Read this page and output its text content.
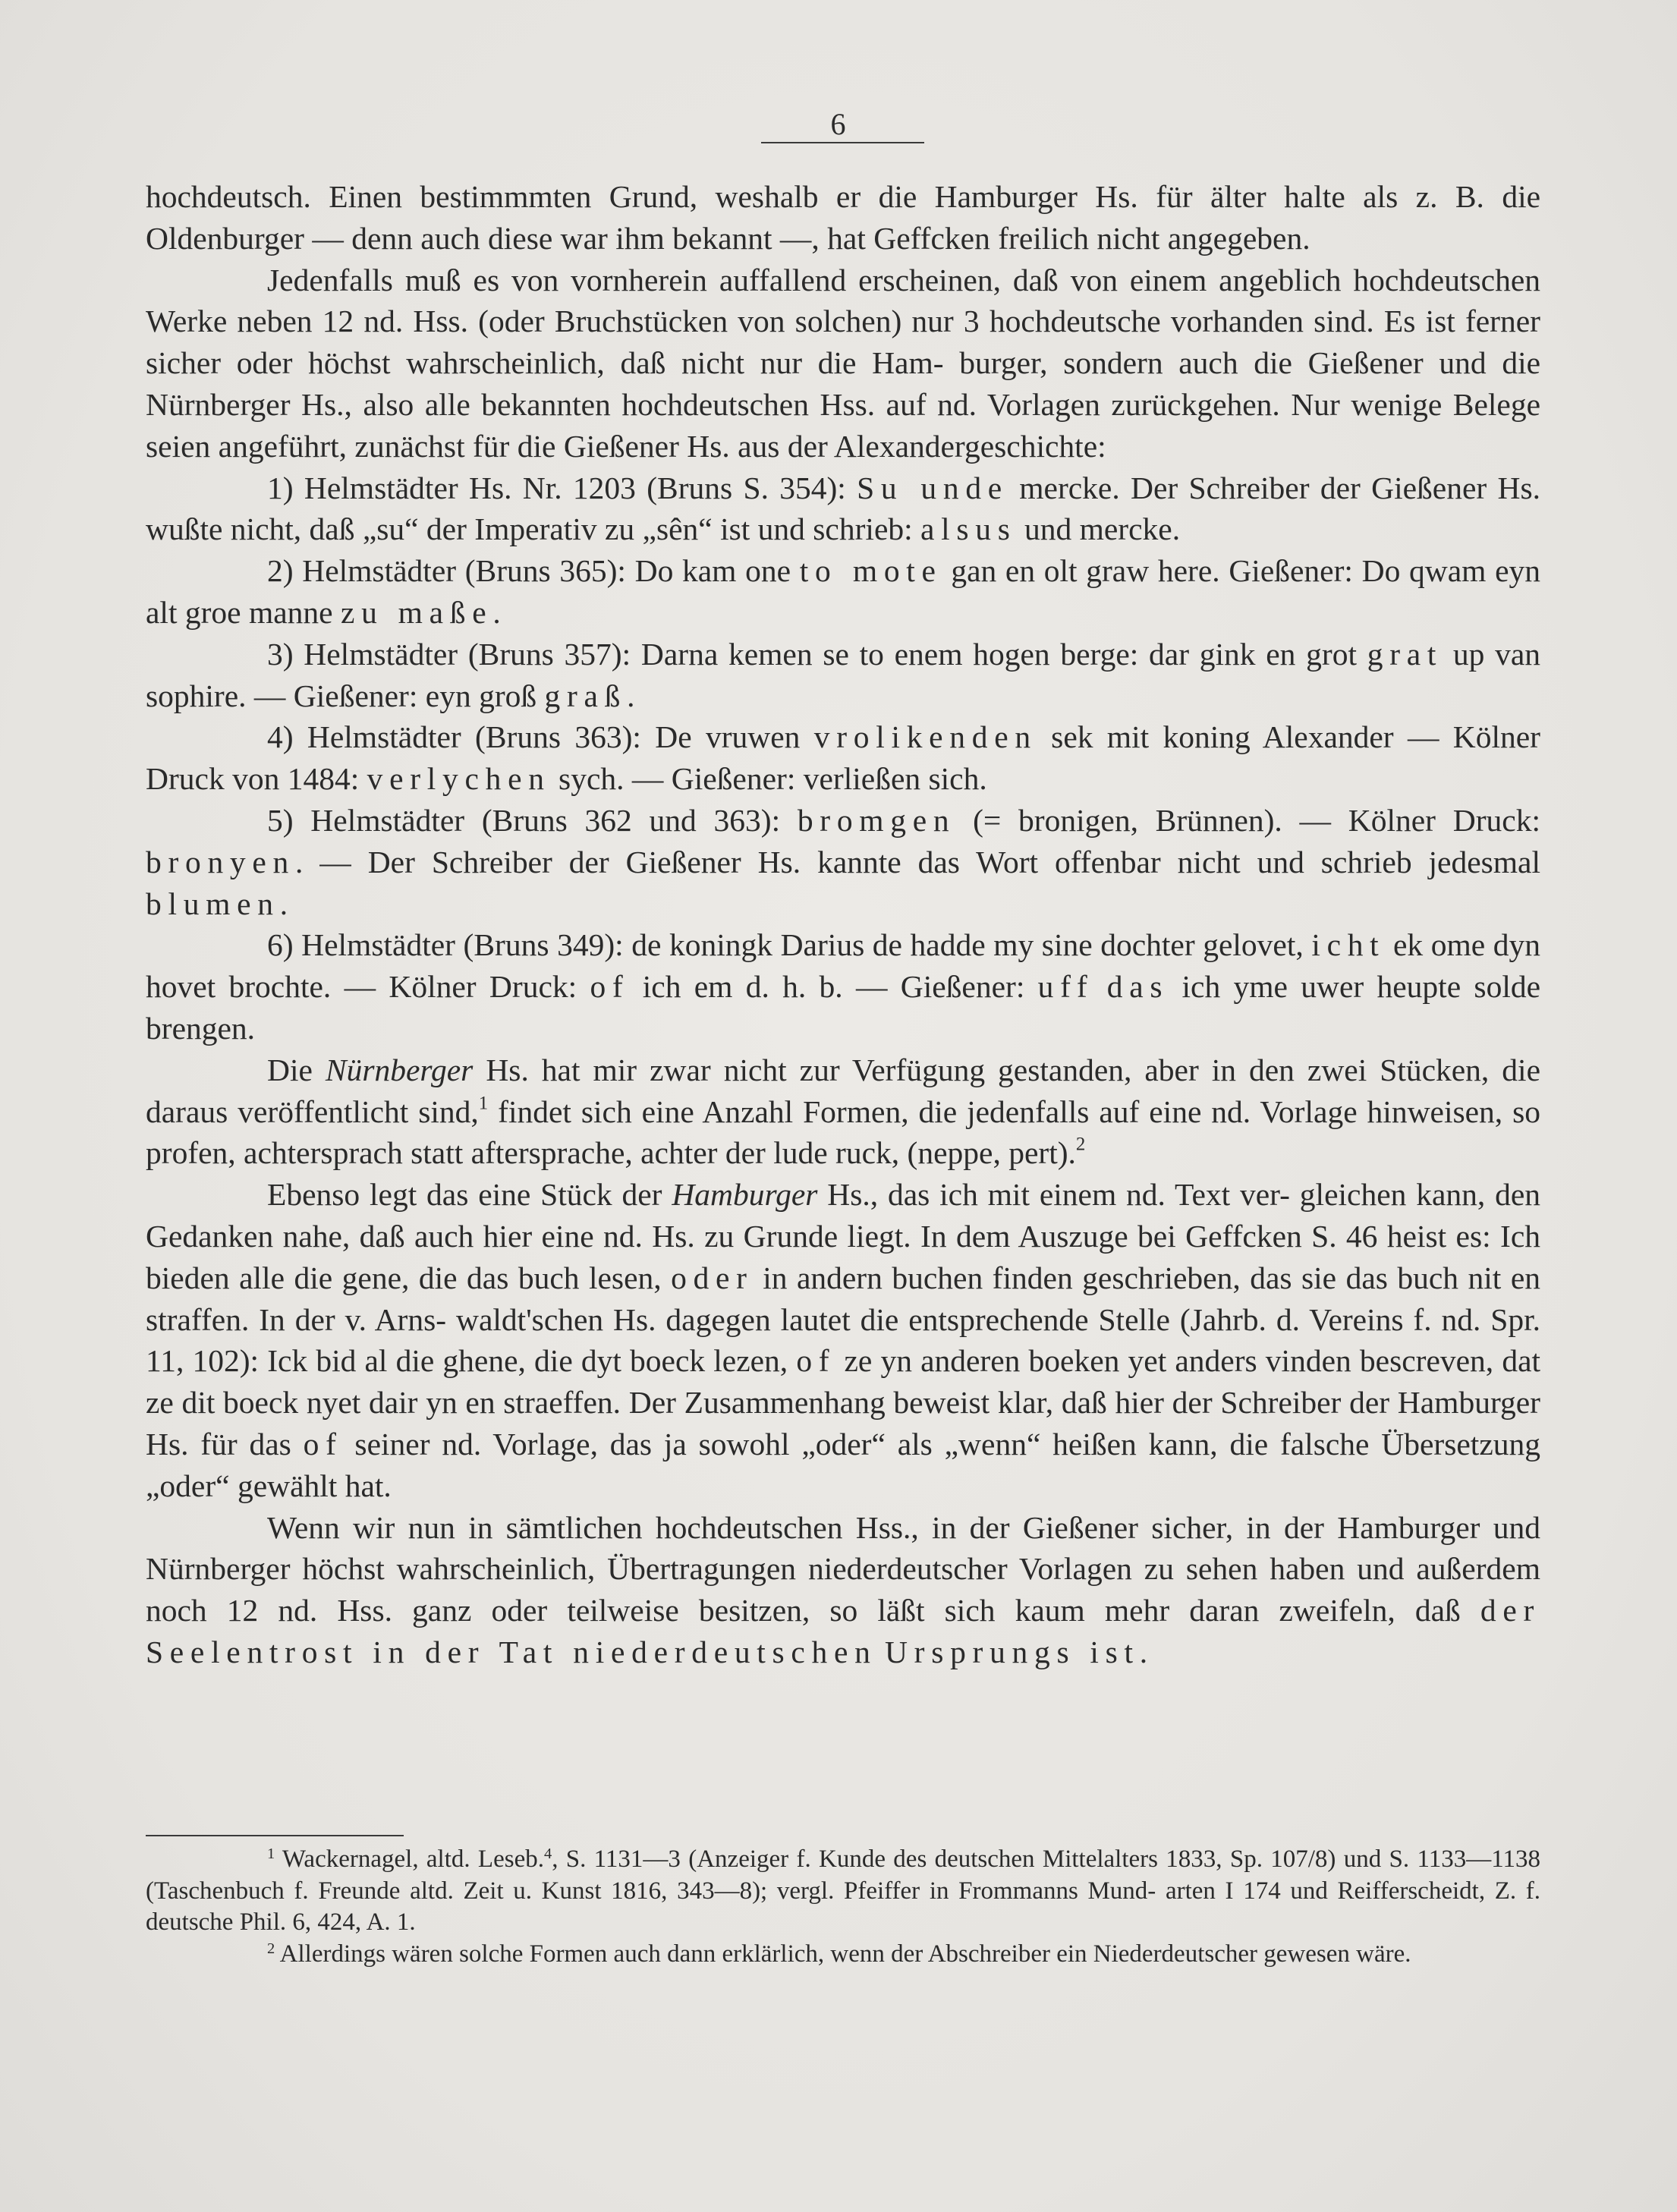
6

hochdeutsch. Einen bestimmmten Grund, weshalb er die Hamburger Hs. für älter halte als z. B. die Oldenburger — denn auch diese war ihm bekannt —, hat Geffcken freilich nicht angegeben.

Jedenfalls muß es von vornherein auffallend erscheinen, daß von einem angeblich hochdeutschen Werke neben 12 nd. Hss. (oder Bruchstücken von solchen) nur 3 hochdeutsche vorhanden sind. Es ist ferner sicher oder höchst wahrscheinlich, daß nicht nur die Ham- burger, sondern auch die Gießener und die Nürnberger Hs., also alle bekannten hochdeutschen Hss. auf nd. Vorlagen zurückgehen. Nur wenige Belege seien angeführt, zunächst für die Gießener Hs. aus der Alexandergeschichte:

1) Helmstädter Hs. Nr. 1203 (Bruns S. 354): Su unde mercke. Der Schreiber der Gießener Hs. wußte nicht, daß „su“ der Imperativ zu „sên“ ist und schrieb: alsus und mercke.

2) Helmstädter (Bruns 365): Do kam one to mote gan en olt graw here. Gießener: Do qwam eyn alt groe manne zu maße.

3) Helmstädter (Bruns 357): Darna kemen se to enem hogen berge: dar gink en grot grat up van sophire. — Gießener: eyn groß graß.

4) Helmstädter (Bruns 363): De vruwen vrolikenden sek mit koning Alexander — Kölner Druck von 1484: verlychen sych. — Gießener: verließen sich.

5) Helmstädter (Bruns 362 und 363): bromgen (= bronigen, Brünnen). — Kölner Druck: bronyen. — Der Schreiber der Gießener Hs. kannte das Wort offenbar nicht und schrieb jedesmal blumen.

6) Helmstädter (Bruns 349): de koningk Darius de hadde my sine dochter gelovet, icht ek ome dyn hovet brochte. — Kölner Druck: of ich em d. h. b. — Gießener: uff das ich yme uwer heupte solde brengen.

Die Nürnberger Hs. hat mir zwar nicht zur Verfügung gestanden, aber in den zwei Stücken, die daraus veröffentlicht sind,$^1$ findet sich eine Anzahl Formen, die jedenfalls auf eine nd. Vorlage hinweisen, so profen, achtersprach statt aftersprache, achter der lude ruck, (neppe, pert).$^2$

Ebenso legt das eine Stück der Hamburger Hs., das ich mit einem nd. Text ver- gleichen kann, den Gedanken nahe, daß auch hier eine nd. Hs. zu Grunde liegt. In dem Auszuge bei Geffcken S. 46 heist es: Ich bieden alle die gene, die das buch lesen, oder in andern buchen finden geschrieben, das sie das buch nit en straffen. In der v. Arns- waldt'schen Hs. dagegen lautet die entsprechende Stelle (Jahrb. d. Vereins f. nd. Spr. 11, 102): Ick bid al die ghene, die dyt boeck lezen, of ze yn anderen boeken yet anders vinden bescreven, dat ze dit boeck nyet dair yn en straeffen. Der Zusammenhang beweist klar, daß hier der Schreiber der Hamburger Hs. für das of seiner nd. Vorlage, das ja sowohl „oder“ als „wenn“ heißen kann, die falsche Übersetzung „oder“ gewählt hat.

Wenn wir nun in sämtlichen hochdeutschen Hss., in der Gießener sicher, in der Hamburger und Nürnberger höchst wahrscheinlich, Übertragungen niederdeutscher Vorlagen zu sehen haben und außerdem noch 12 nd. Hss. ganz oder teilweise besitzen, so läßt sich kaum mehr daran zweifeln, daß der Seelentrost in der Tat niederdeutschen Ursprungs ist.

$^1$ Wackernagel, altd. Leseb.$^4$, S. 1131—3 (Anzeiger f. Kunde des deutschen Mittelalters 1833, Sp. 107/8) und S. 1133—1138 (Taschenbuch f. Freunde altd. Zeit u. Kunst 1816, 343—8); vergl. Pfeiffer in Frommanns Mund- arten I 174 und Reifferscheidt, Z. f. deutsche Phil. 6, 424, A. 1.

$^2$ Allerdings wären solche Formen auch dann erklärlich, wenn der Abschreiber ein Niederdeutscher gewesen wäre.
